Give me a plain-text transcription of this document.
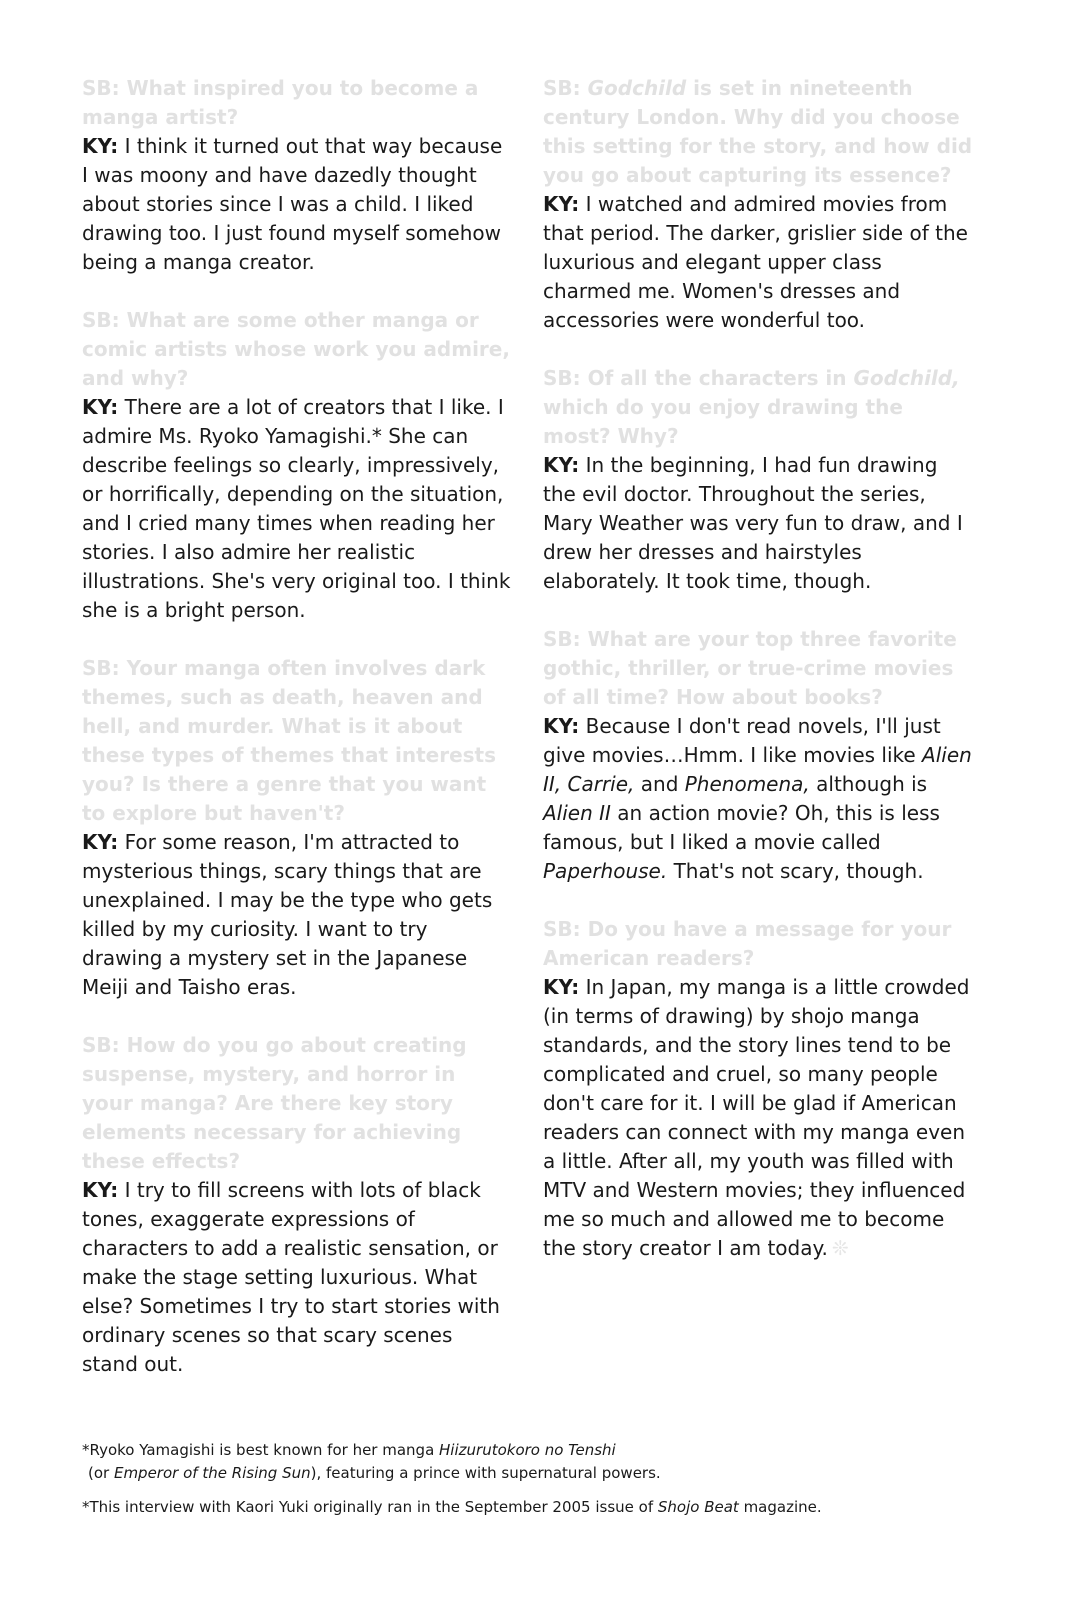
SB: What inspired you to become a manga artist?

KY: I think it turned out that way because I was moony and have dazedly thought about stories since I was a child. I liked drawing too. I just found myself somehow being a manga creator.

SB: What are some other manga or comic artists whose work you admire, and why?

KY: There are a lot of creators that I like. I admire Ms. Ryoko Yamagishi.* She can describe feelings so clearly, impressively, or horrifically, depending on the situation, and I cried many times when reading her stories. I also admire her realistic illustrations. She's very original too. I think she is a bright person.

SB: Your manga often involves dark themes, such as death, heaven and hell, and murder. What is it about these types of themes that interests you? Is there a genre that you want to explore but haven't?

KY: For some reason, I'm attracted to mysterious things, scary things that are unexplained. I may be the type who gets killed by my curiosity. I want to try drawing a mystery set in the Japanese Meiji and Taisho eras.

SB: How do you go about creating suspense, mystery, and horror in your manga? Are there key story elements necessary for achieving these effects?

KY: I try to fill screens with lots of black tones, exaggerate expressions of characters to add a realistic sensation, or make the stage setting luxurious. What else? Sometimes I try to start stories with ordinary scenes so that scary scenes stand out.

SB: Godchild is set in nineteenth century London. Why did you choose this setting for the story, and how did you go about capturing its essence?

KY: I watched and admired movies from that period. The darker, grislier side of the luxurious and elegant upper class charmed me. Women's dresses and accessories were wonderful too.

SB: Of all the characters in Godchild, which do you enjoy drawing the most? Why?

KY: In the beginning, I had fun drawing the evil doctor. Throughout the series, Mary Weather was very fun to draw, and I drew her dresses and hairstyles elaborately. It took time, though.

SB: What are your top three favorite gothic, thriller, or true-crime movies of all time? How about books?

KY: Because I don't read novels, I'll just give movies…Hmm. I like movies like Alien II, Carrie, and Phenomena, although is Alien II an action movie? Oh, this is less famous, but I liked a movie called Paperhouse. That's not scary, though.

SB: Do you have a message for your American readers?

KY: In Japan, my manga is a little crowded (in terms of drawing) by shojo manga standards, and the story lines tend to be complicated and cruel, so many people don't care for it. I will be glad if American readers can connect with my manga even a little. After all, my youth was filled with MTV and Western movies; they influenced me so much and allowed me to become the story creator I am today. ❊

*Ryoko Yamagishi is best known for her manga Hiizurutokoro no Tenshi

(or Emperor of the Rising Sun), featuring a prince with supernatural powers.

*This interview with Kaori Yuki originally ran in the September 2005 issue of Shojo Beat magazine.
